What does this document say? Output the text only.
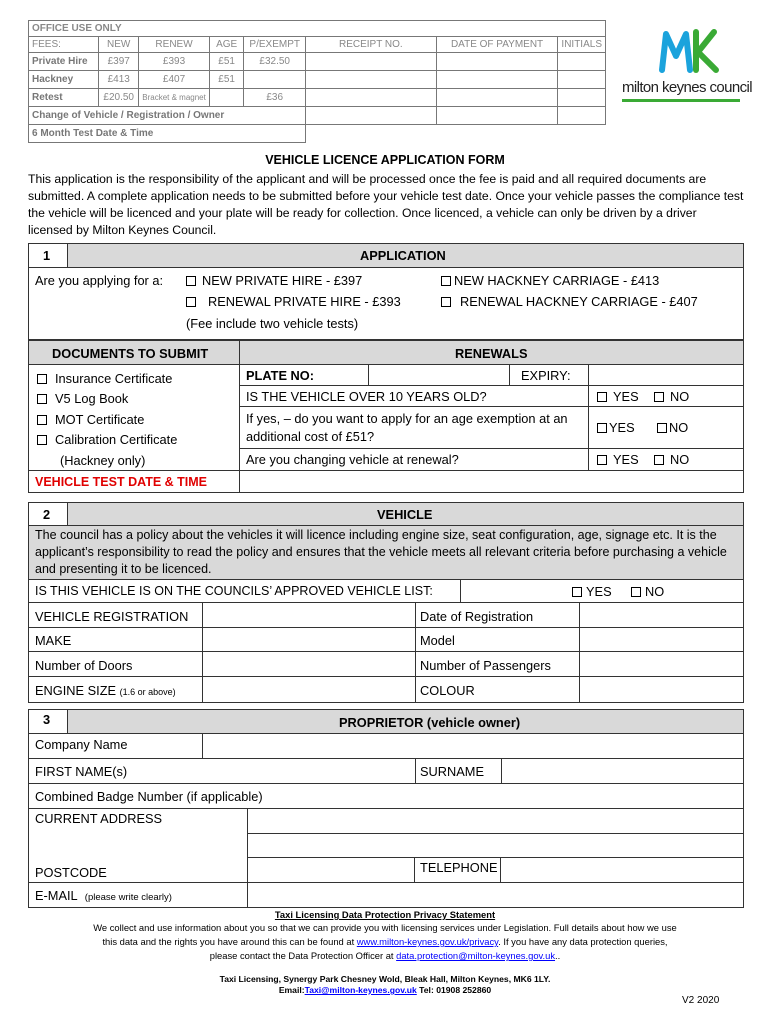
OFFICE USE ONLY							
FEES:	NEW	RENEW	AGE	P/EXEMPT	RECEIPT NO.	DATE OF PAYMENT	INITIALS
Private Hire	£397	£393	£51	£32.50			
Hackney	£413	£407	£51				
Retest	£20.50	Bracket & magnet		£36			
Change of Vehicle / Registration / Owner							
6 Month Test Date & Time							
milton keynes council
VEHICLE LICENCE APPLICATION FORM
This application is the responsibility of the applicant and will be processed once the fee is paid and all required documents are submitted. A complete application needs to be submitted before your vehicle test date. Once your vehicle passes the compliance test the vehicle will be licenced and your plate will be ready for collection. Once licenced, a vehicle can only be driven by a driver licensed by Milton Keynes Council.
1	APPLICATION
Are you applying for a:	NEW PRIVATE HIRE - £397	NEW HACKNEY CARRIAGE - £413
RENEWAL PRIVATE HIRE - £393	RENEWAL HACKNEY CARRIAGE - £407
(Fee include two vehicle tests)
DOCUMENTS TO SUBMIT	RENEWALS
Insurance Certificate
V5 Log Book
MOT Certificate
Calibration Certificate
(Hackney only)
VEHICLE TEST DATE & TIME
PLATE NO:	EXPIRY:
IS THE VEHICLE OVER 10 YEARS OLD?	YES	NO
If yes, – do you want to apply for an age exemption at an additional cost of £51?
YES	NO
Are you changing vehicle at renewal?	YES	NO
2	VEHICLE
The council has a policy about the vehicles it will licence including engine size, seat configuration, age, signage etc. It is the applicant’s responsibility to read the policy and ensures that the vehicle meets all relevant criteria before purchasing a vehicle and presenting it to be licenced.
IS THIS VEHICLE IS ON THE COUNCILS’ APPROVED VEHICLE LIST:	YES	NO
VEHICLE REGISTRATION	Date of Registration
MAKE	Model
Number of Doors	Number of Passengers
ENGINE SIZE (1.6 or above)	COLOUR
3	PROPRIETOR (vehicle owner)
Company Name
FIRST NAME(s)	SURNAME
Combined Badge Number (if applicable)
CURRENT ADDRESS
POSTCODE	TELEPHONE
E-MAIL (please write clearly)
Taxi Licensing Data Protection Privacy Statement
We collect and use information about you so that we can provide you with licensing services under Legislation. Full details about how we use
this data and the rights you have around this can be found at www.milton-keynes.gov.uk/privacy. If you have any data protection queries,
please contact the Data Protection Officer at data.protection@milton-keynes.gov.uk..
Taxi Licensing, Synergy Park Chesney Wold, Bleak Hall, Milton Keynes, MK6 1LY.
Email:Taxi@milton-keynes.gov.uk Tel: 01908 252860
V2 2020
